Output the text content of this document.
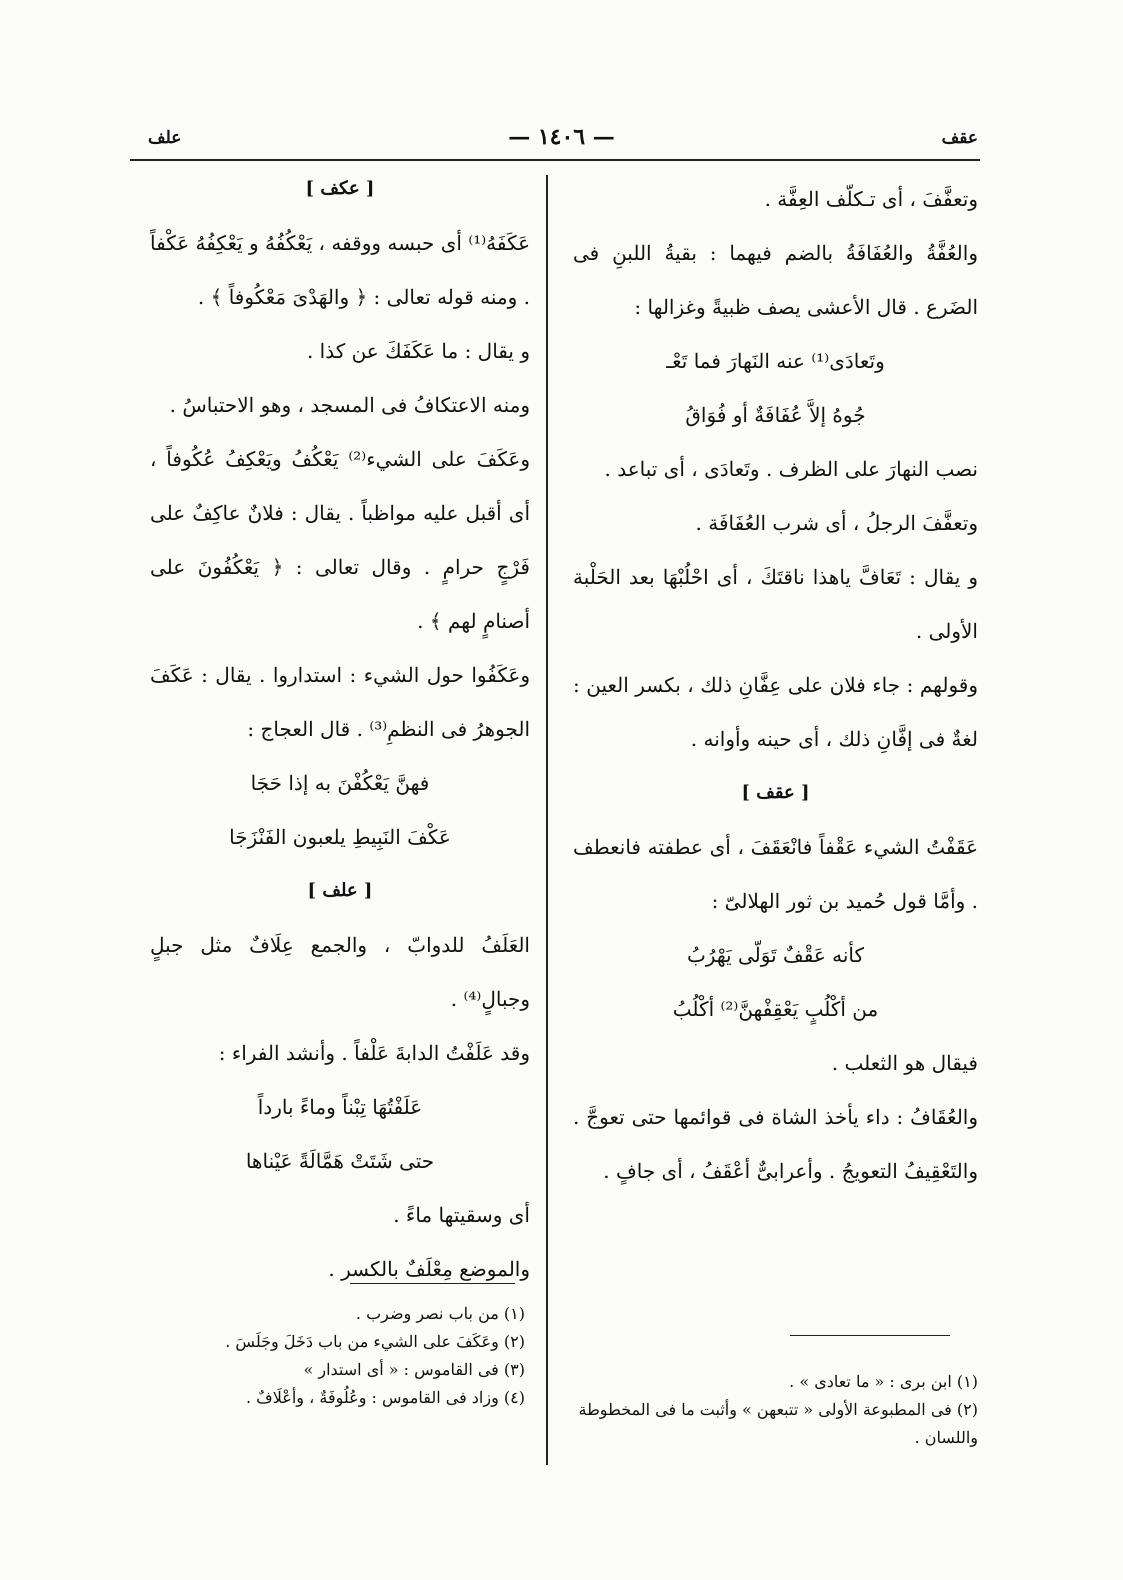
عقف
— ١٤٠٦ —
علف

وتعفَّفَ ، أى تـكلّف العِفَّة .

والعُفَّةُ والعُفَافَةُ بالضم فيهما : بقيةُ اللبنِ فى الضَرع . قال الأعشى يصف ظبيةً وغزالها :

وتَعادَى⁽¹⁾ عنه النَهارَ فما تَعْـ

جُوهُ إلاَّ عُفَافَةٌ أو فُوَاقُ

نصب النهارَ على الظرف . وتَعادَى ، أى تباعد .

وتعفَّفَ الرجلُ ، أى شرب العُفَافَة .

و يقال : تَعَافَّ ياهذا ناقتَكَ ، أى احْلُبْهَا بعد الحَلْبة الأولى .

وقولهم : جاء فلان على عِفَّانِ ذلك ، بكسر العين : لغةٌ فى إفَّانِ ذلك ، أى حينه وأوانه .

[ عقف ]

عَقَفْتُ الشيء عَقْفاً فانْعَقَفَ ، أى عطفته فانعطف . وأمَّا قول حُميد بن ثور الهلالىّ :

كأنه عَقْفٌ تَوَلّى يَهْرُبُ

من أكْلُبٍ يَعْقِفْهنَّ⁽²⁾ أكْلُبُ

فيقال هو الثعلب .

والعُقَافُ : داء يأخذ الشاة فى قوائمها حتى تعوجَّ . والتَعْقِيفُ التعويجُ . وأعرابىٌّ أعْقَفُ ، أى جافٍ .

(١) ابن برى : « ما تعادى » .

(٢) فى المطبوعة الأولى « تتبعهن » وأثبت ما فى المخطوطة واللسان .

[ عكف ]

عَكَفَهُ⁽¹⁾ أى حبسه ووقفه ، يَعْكُفُهُ و يَعْكِفُهُ عَكْفاً . ومنه قوله تعالى : ﴿ والهَدْىَ مَعْكُوفاً ﴾ .

و يقال : ما عَكَفَكَ عن كذا .

ومنه الاعتكافُ فى المسجد ، وهو الاحتباسُ .

وعَكَفَ على الشيء⁽²⁾ يَعْكُفُ ويَعْكِفُ عُكُوفاً ، أى أقبل عليه مواظباً . يقال : فلانٌ عاكِفٌ على فَرْجٍ حرامٍ . وقال تعالى : ﴿ يَعْكُفُونَ على أصنامٍ لهم ﴾ .

وعَكَفُوا حول الشيء : استداروا . يقال : عَكَفَ الجوهرُ فى النظمِ⁽³⁾ . قال العجاج :

فهنَّ يَعْكُفْنَ به إذا حَجَا

عَكْفَ النَبِيطِ يلعبون الفَنْزَجَا

[ علف ]

العَلَفُ للدوابّ ، والجمع عِلَافٌ مثل جبلٍ وجبالٍ⁽⁴⁾ .

وقد عَلَفْتُ الدابةَ عَلْفاً . وأنشد الفراء :

عَلَفْتُهَا تِبْناً وماءً بارداً

حتى شَتَتْ هَمَّالَةً عَيْناها

أى وسقيتها ماءً .

والموضع مِعْلَفٌ بالكسر .

(١) من باب نصر وضرب .

(٢) وعَكَفَ على الشيء من باب دَخَلَ وجَلَسَ .

(٣) فى القاموس : « أى استدار »

(٤) وزاد فى القاموس : وعُلُوفَةٌ ، وأعْلَافٌ .
